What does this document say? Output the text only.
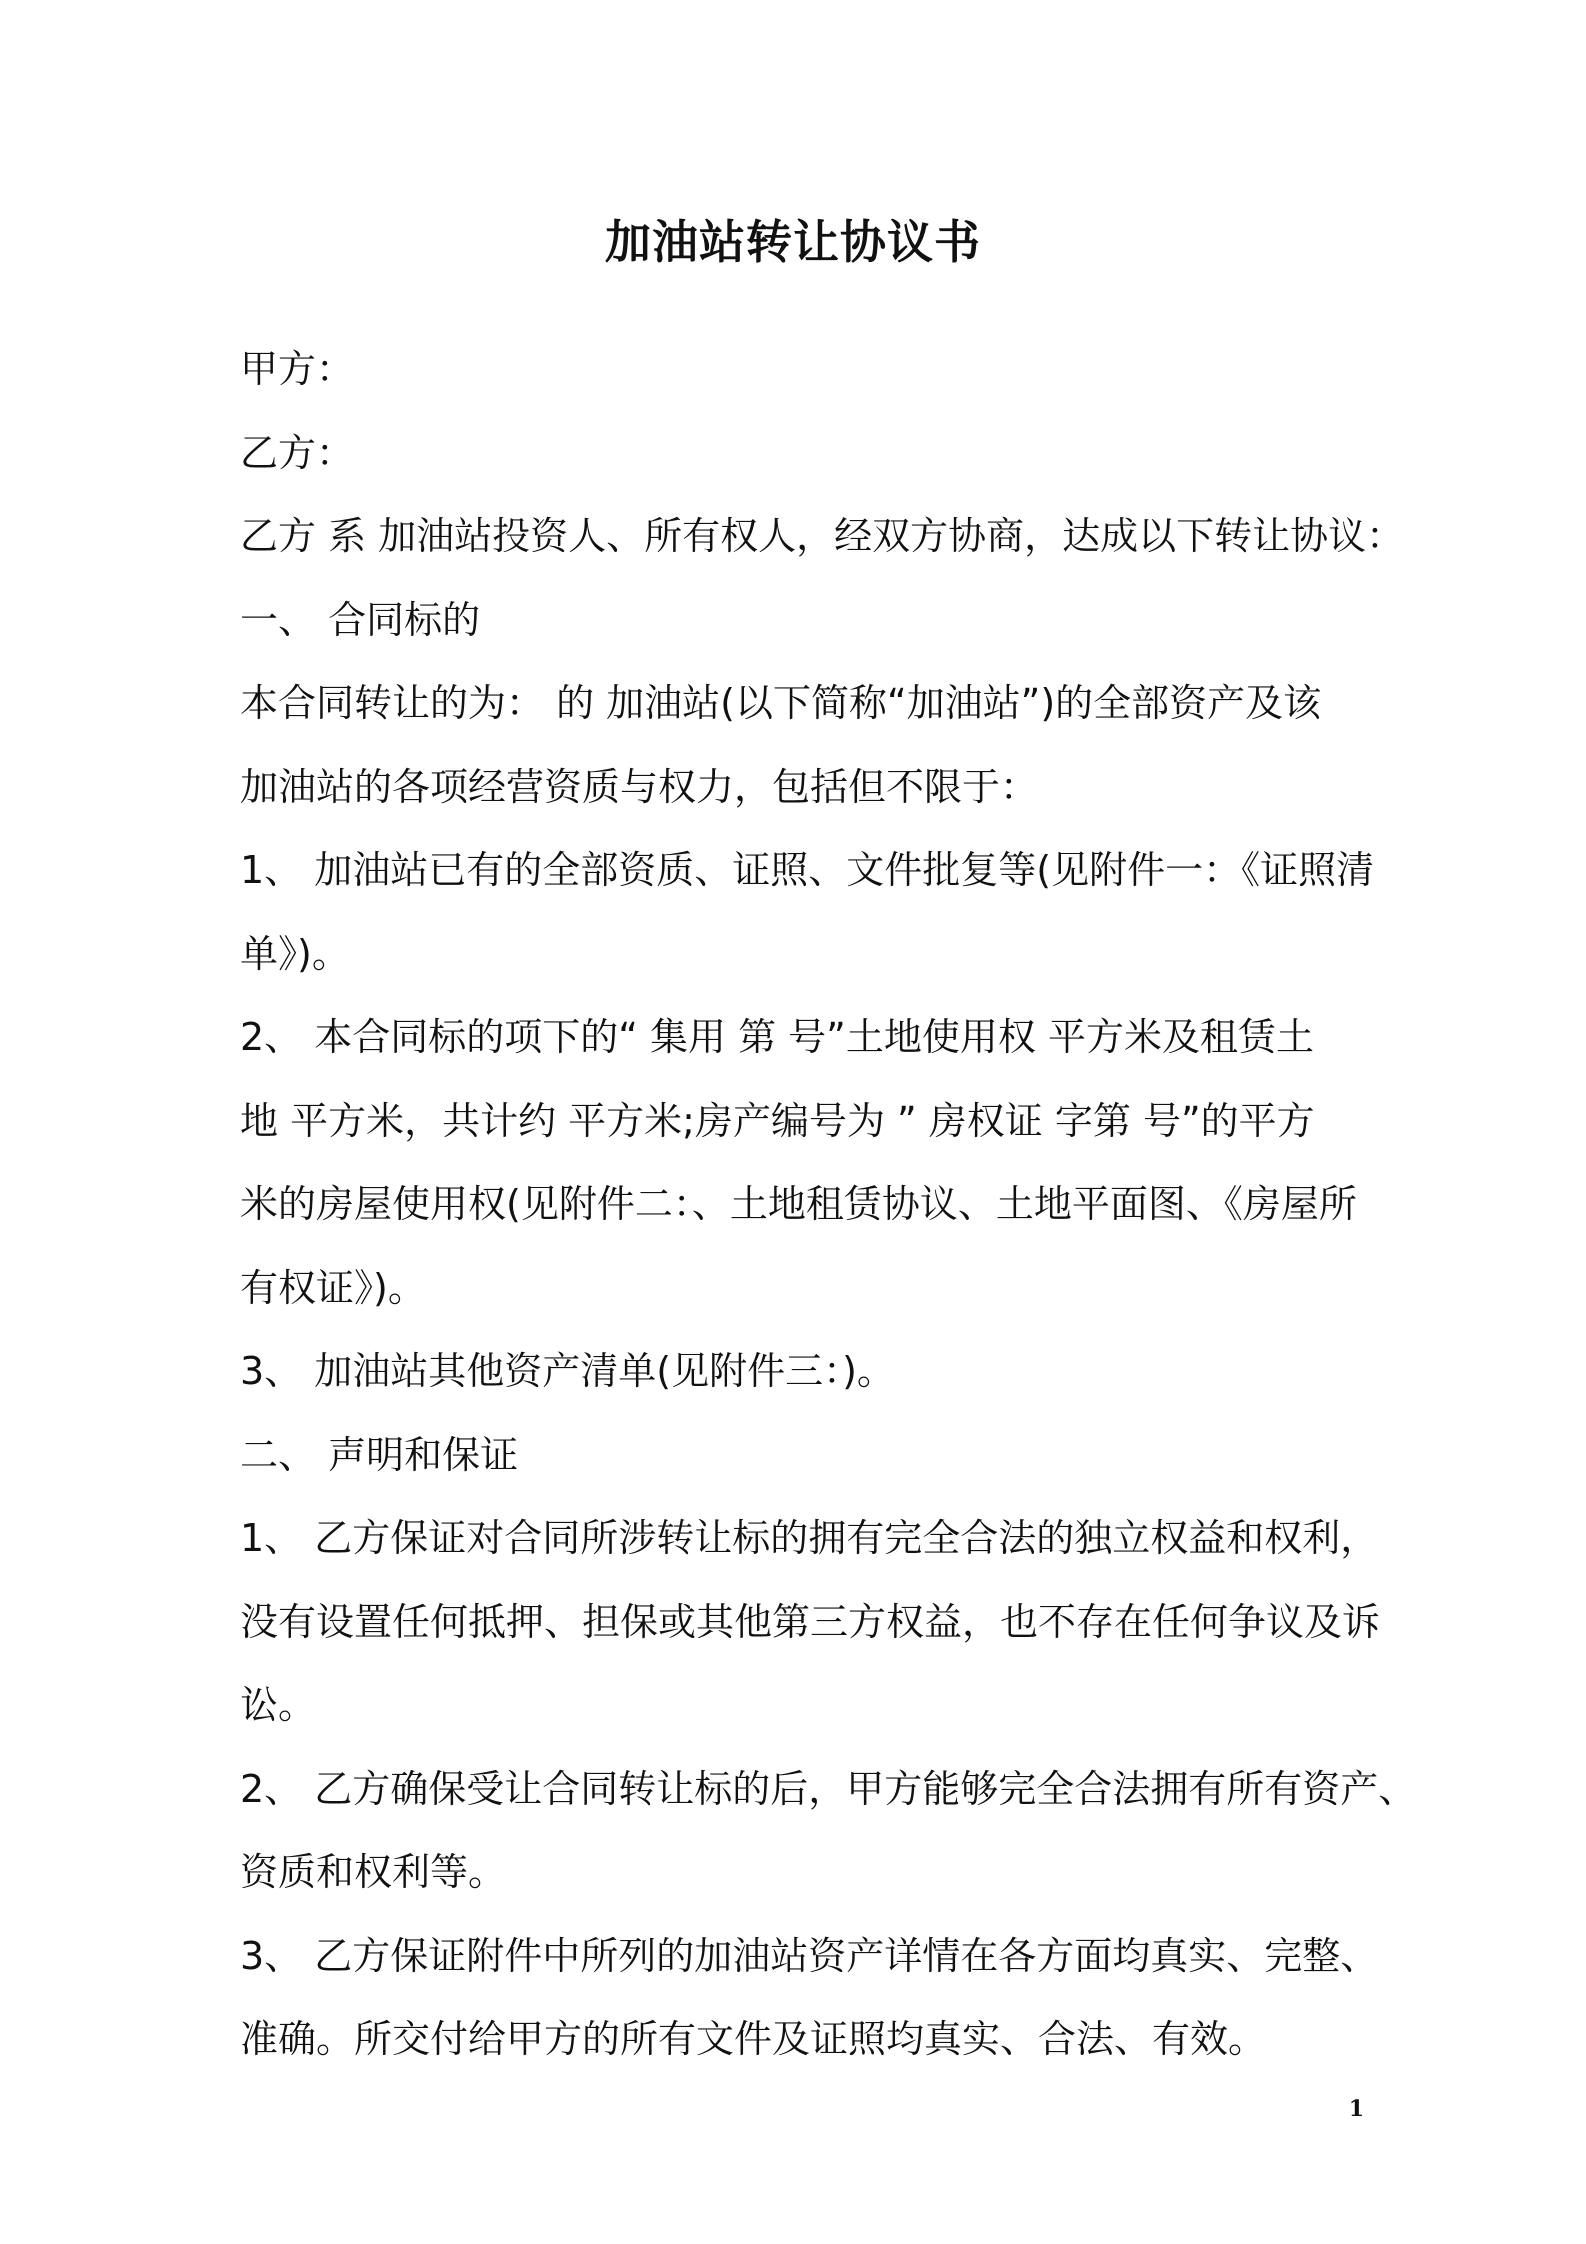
加油站转让协议书
甲方：
乙方：
乙方 系 加油站投资人、所有权人，经双方协商，达成以下转让协议：
一、 合同标的
本合同转让的为： 的 加油站(以下简称“加油站”)的全部资产及该
加油站的各项经营资质与权力，包括但不限于：
1、 加油站已有的全部资质、证照、文件批复等(见附件一：《证照清
单》)。
2、 本合同标的项下的“ 集用 第 号”土地使用权 平方米及租赁土
地 平方米，共计约 平方米;房产编号为 ” 房权证 字第 号”的平方
米的房屋使用权(见附件二：、土地租赁协议、土地平面图、《房屋所
有权证》)。
3、 加油站其他资产清单(见附件三：)。
二、 声明和保证
1、 乙方保证对合同所涉转让标的拥有完全合法的独立权益和权利，
没有设置任何抵押、担保或其他第三方权益，也不存在任何争议及诉
讼。
2、 乙方确保受让合同转让标的后，甲方能够完全合法拥有所有资产、
资质和权利等。
3、 乙方保证附件中所列的加油站资产详情在各方面均真实、完整、
准确。所交付给甲方的所有文件及证照均真实、合法、有效。
1
